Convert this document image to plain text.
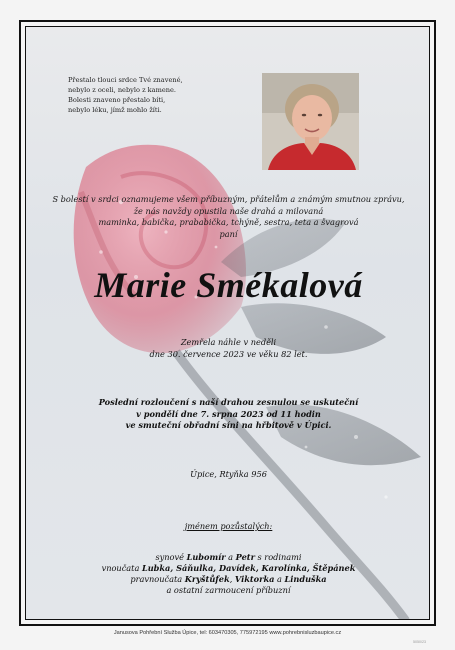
Přestalo tlouci srdce Tvé znavené,
nebylo z oceli, nebylo z kamene.
Bolesti znaveno přestalo bíti,
nebylo léku, jímž mohlo žíti.
S bolestí v srdci oznamujeme všem příbuzným, přátelům a známým smutnou zprávu,
že nás navždy opustila naše drahá a milovaná
maminka, babička, prababička, tchýně, sestra, teta a švagrová
paní
Marie Smékalová
Zemřela náhle v neděli
dne 30. července 2023 ve věku 82 let.
Poslední rozloučení s naší drahou zesnulou se uskuteční
v pondělí dne 7. srpna 2023 od 11 hodin
ve smuteční obřadní síni na hřbitově v Úpici.
Úpice, Rtyňka 956
jménem pozůstalých:
synové Lubomír a Petr s rodinami
vnoučata Lubka, Sáňulka, Davídek, Karolínka, Štěpánek
pravnoučata Kryštůfek, Viktorka a Linduška
a ostatní zarmoucení příbuzní
Janusova Pohřební Služba Úpice, tel: 603470305, 775972195 www.pohrebnisluzbaupice.cz
5050/23
